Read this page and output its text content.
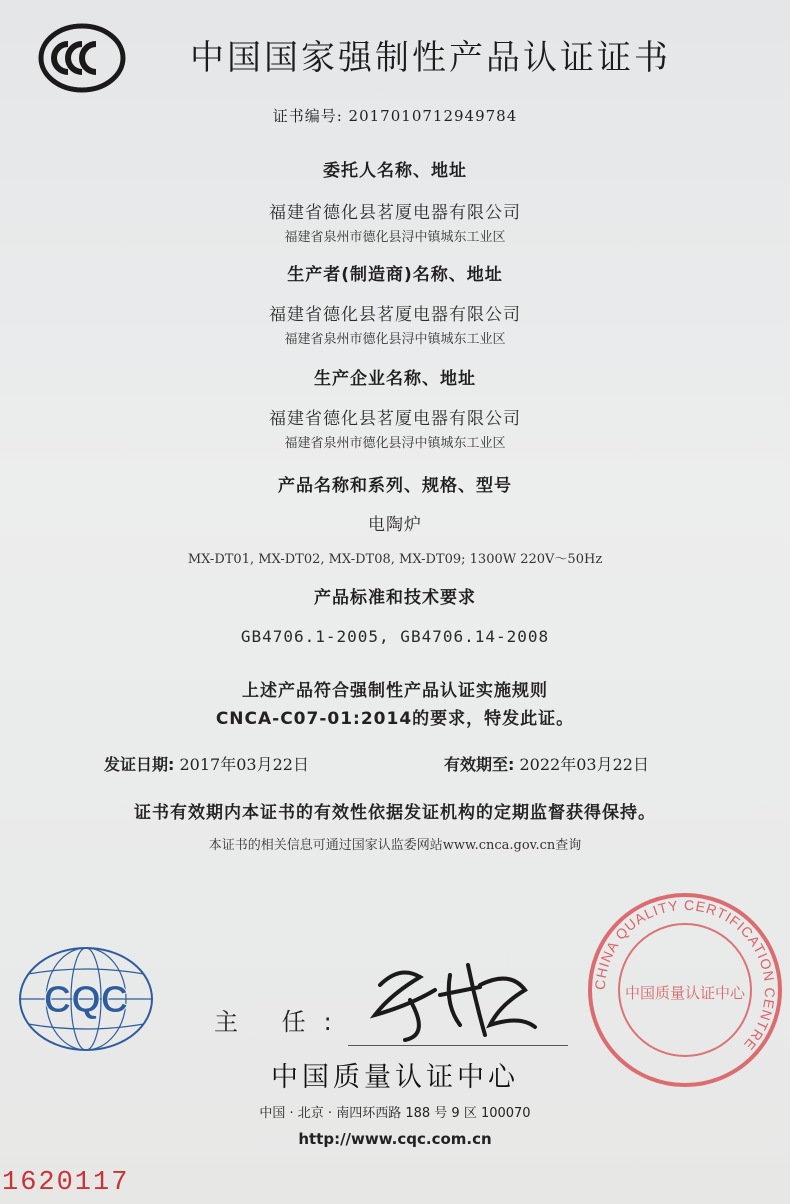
CCC
中国国家强制性产品认证证书
证书编号: 2017010712949784
委托人名称、地址
福建省德化县茗厦电器有限公司
福建省泉州市德化县浔中镇城东工业区
生产者(制造商)名称、地址
福建省德化县茗厦电器有限公司
福建省泉州市德化县浔中镇城东工业区
生产企业名称、地址
福建省德化县茗厦电器有限公司
福建省泉州市德化县浔中镇城东工业区
产品名称和系列、规格、型号
电陶炉
MX-DT01, MX-DT02, MX-DT08, MX-DT09; 1300W 220V～50Hz
产品标准和技术要求
GB4706.1-2005, GB4706.14-2008
上述产品符合强制性产品认证实施规则
CNCA-C07-01:2014的要求，特发此证。
发证日期: 2017年03月22日	有效期至: 2022年03月22日
证书有效期内本证书的有效性依据发证机构的定期监督获得保持。
本证书的相关信息可通过国家认监委网站www.cnca.gov.cn查询
CQC
主 任:
CHINA QUALITY CERTIFICATION CENTRE
中国质量认证中心
中国质量认证中心
中国 · 北京 · 南四环西路 188 号 9 区 100070
http://www.cqc.com.cn
1620117
